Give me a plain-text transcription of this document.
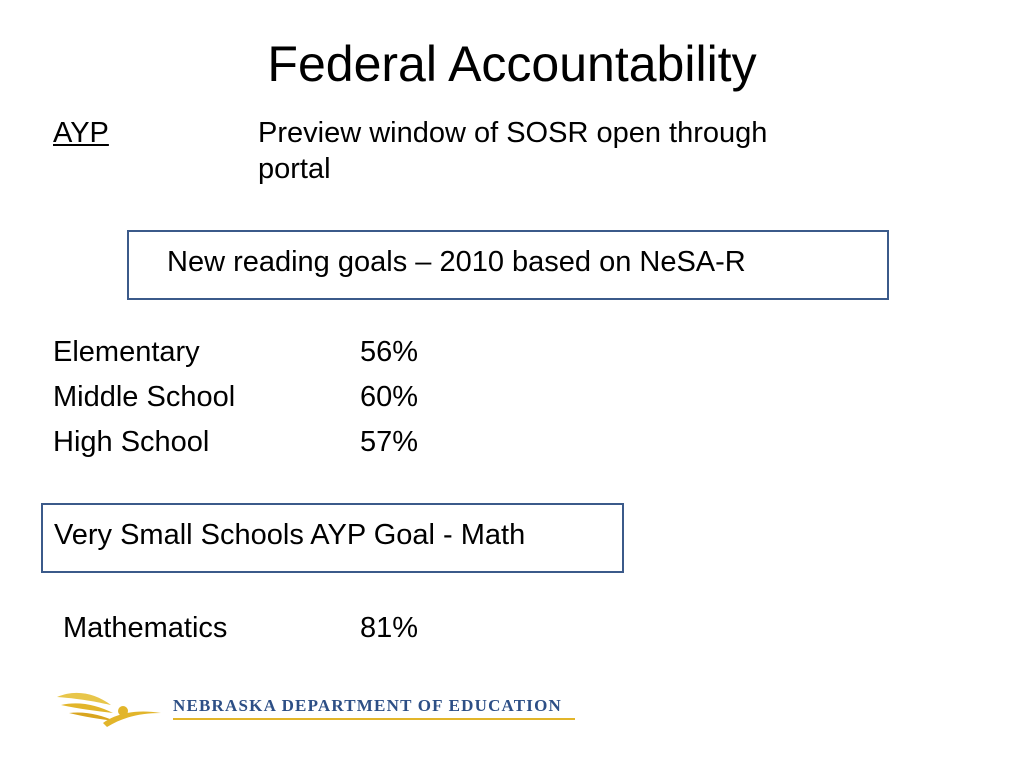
Federal Accountability
AYP	Preview window of SOSR open through portal
New reading goals – 2010 based on NeSA-R
Elementary	56%
Middle School	60%
High School	57%
Very Small Schools AYP Goal - Math
Mathematics	81%
NEBRASKA DEPARTMENT OF EDUCATION
